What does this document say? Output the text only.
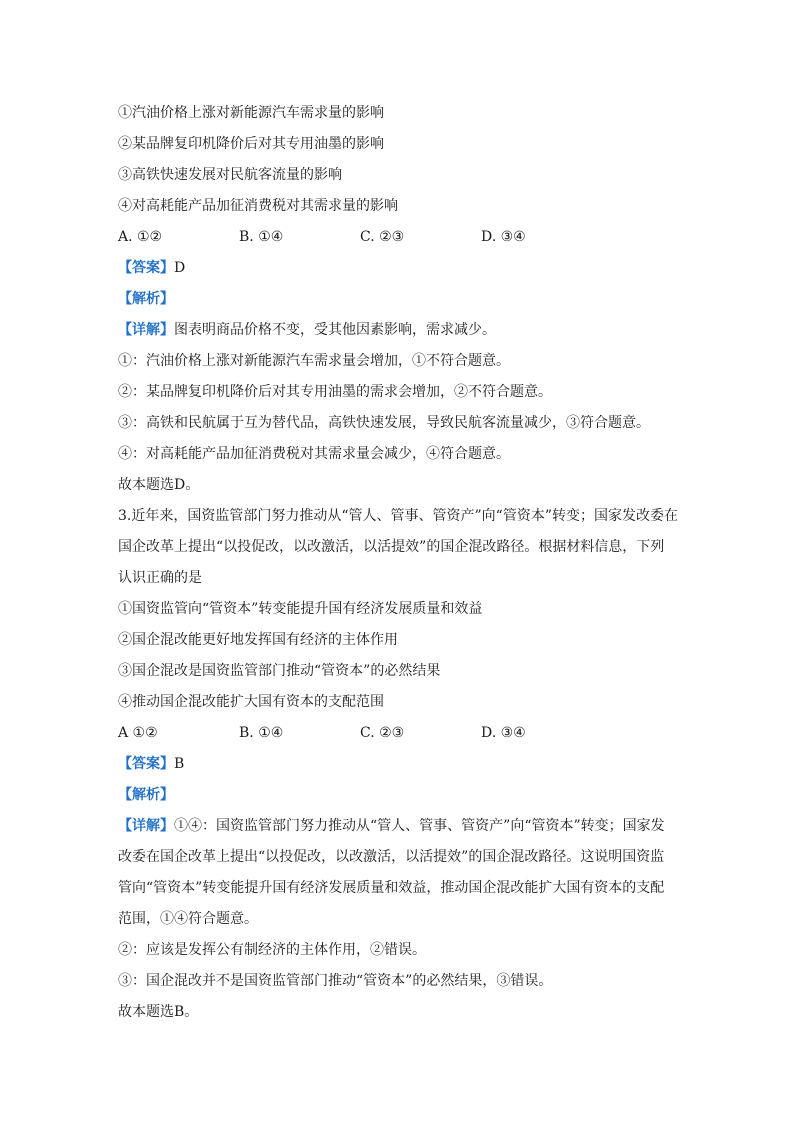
①汽油价格上涨对新能源汽车需求量的影响
②某品牌复印机降价后对其专用油墨的影响
③高铁快速发展对民航客流量的影响
④对高耗能产品加征消费税对其需求量的影响
A. ①②	B. ①④	C. ②③	D. ③④
【答案】D
【解析】
【详解】图表明商品价格不变，受其他因素影响，需求减少。
①：汽油价格上涨对新能源汽车需求量会增加，①不符合题意。
②：某品牌复印机降价后对其专用油墨的需求会增加，②不符合题意。
③：高铁和民航属于互为替代品，高铁快速发展，导致民航客流量减少，③符合题意。
④：对高耗能产品加征消费税对其需求量会减少，④符合题意。
故本题选D。
3.近年来，国资监管部门努力推动从“管人、管事、管资产”向“管资本”转变；国家发改委在国企改革上提出“以投促改，以改激活，以活提效”的国企混改路径。根据材料信息，下列认识正确的是
①国资监管向“管资本”转变能提升国有经济发展质量和效益
②国企混改能更好地发挥国有经济的主体作用
③国企混改是国资监管部门推动“管资本”的必然结果
④推动国企混改能扩大国有资本的支配范围
A ①②	B. ①④	C. ②③	D. ③④
【答案】B
【解析】
【详解】①④：国资监管部门努力推动从“管人、管事、管资产”向“管资本”转变；国家发改委在国企改革上提出“以投促改，以改激活，以活提效”的国企混改路径。这说明国资监管向“管资本”转变能提升国有经济发展质量和效益，推动国企混改能扩大国有资本的支配范围，①④符合题意。
②：应该是发挥公有制经济的主体作用，②错误。
③：国企混改并不是国资监管部门推动“管资本”的必然结果，③错误。
故本题选B。
